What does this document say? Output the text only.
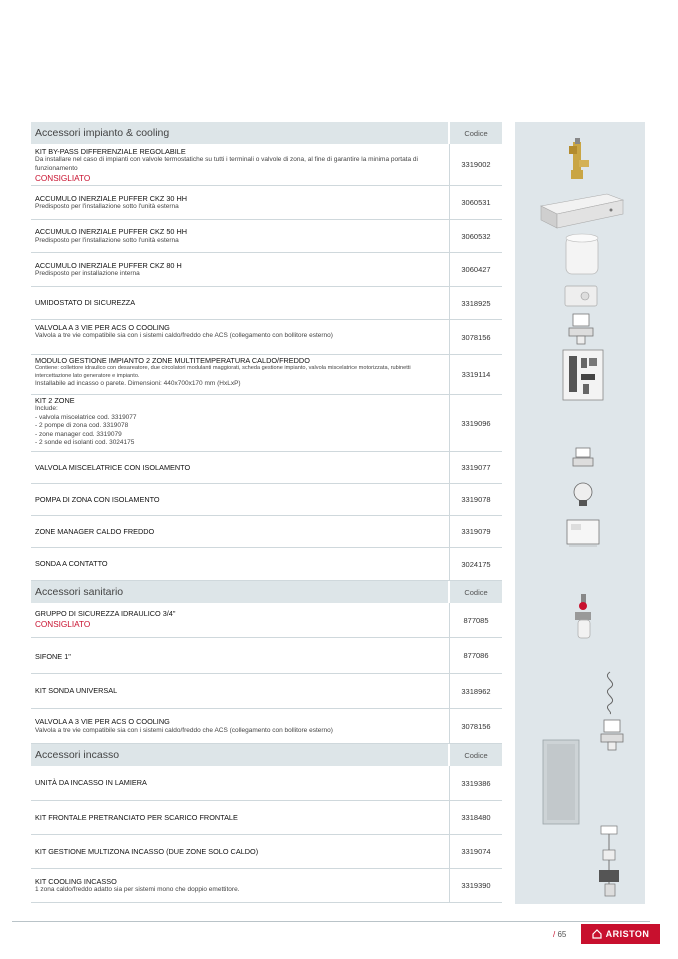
Accessori impianto & cooling	Codice
KIT BY-PASS DIFFERENZIALE REGOLABILE
Da installare nel caso di impianti con valvole termostatiche su tutti i terminali o valvole di zona, al fine di garantire la minima portata di funzionamento
CONSIGLIATO
3319002
ACCUMULO INERZIALE PUFFER CKZ 30 HH
Predisposto per l'installazione sotto l'unità esterna	3060531
ACCUMULO INERZIALE PUFFER CKZ 50 HH
Predisposto per l'installazione sotto l'unità esterna	3060532
ACCUMULO INERZIALE PUFFER CKZ 80 H
Predisposto per installazione interna	3060427
UMIDOSTATO DI SICUREZZA	3318925
VALVOLA A 3 VIE PER ACS O COOLING
Valvola a tre vie compatibile sia con i sistemi caldo/freddo che ACS (collegamento con bollitore esterno)	3078156
MODULO GESTIONE IMPIANTO 2 ZONE MULTITEMPERATURA CALDO/FREDDO
Contiene: collettore idraulico con desareatore, due circolatori modulanti maggiorati, scheda gestione impianto, valvola miscelatrice motorizzata, rubinetti intercettazione lato generatore e impianto.
Installabile ad incasso o parete. Dimensioni: 440x700x170 mm (HxLxP)
3319114
KIT 2 ZONE
Include:
- valvola miscelatrice cod. 3319077
- 2 pompe di zona cod. 3319078
- zone manager cod. 3319079
- 2 sonde ed isolanti cod. 3024175
3319096
VALVOLA MISCELATRICE CON ISOLAMENTO	3319077
POMPA DI ZONA CON ISOLAMENTO	3319078
ZONE MANAGER CALDO FREDDO	3319079
SONDA A CONTATTO	3024175
Accessori sanitario	Codice
GRUPPO DI SICUREZZA IDRAULICO 3/4"
CONSIGLIATO	877085
SIFONE 1"	877086
KIT SONDA UNIVERSAL	3318962
VALVOLA A 3 VIE PER ACS O COOLING
Valvola a tre vie compatibile sia con i sistemi caldo/freddo che ACS (collegamento con bollitore esterno)	3078156
Accessori incasso	Codice
UNITÀ DA INCASSO IN LAMIERA	3319386
KIT FRONTALE PRETRANCIATO PER SCARICO FRONTALE	3318480
KIT GESTIONE MULTIZONA INCASSO (DUE ZONE SOLO CALDO)	3319074
KIT COOLING INCASSO
1 zona caldo/freddo adatto sia per sistemi mono che doppio emettitore.	3319390
/ 65	ARISTON
